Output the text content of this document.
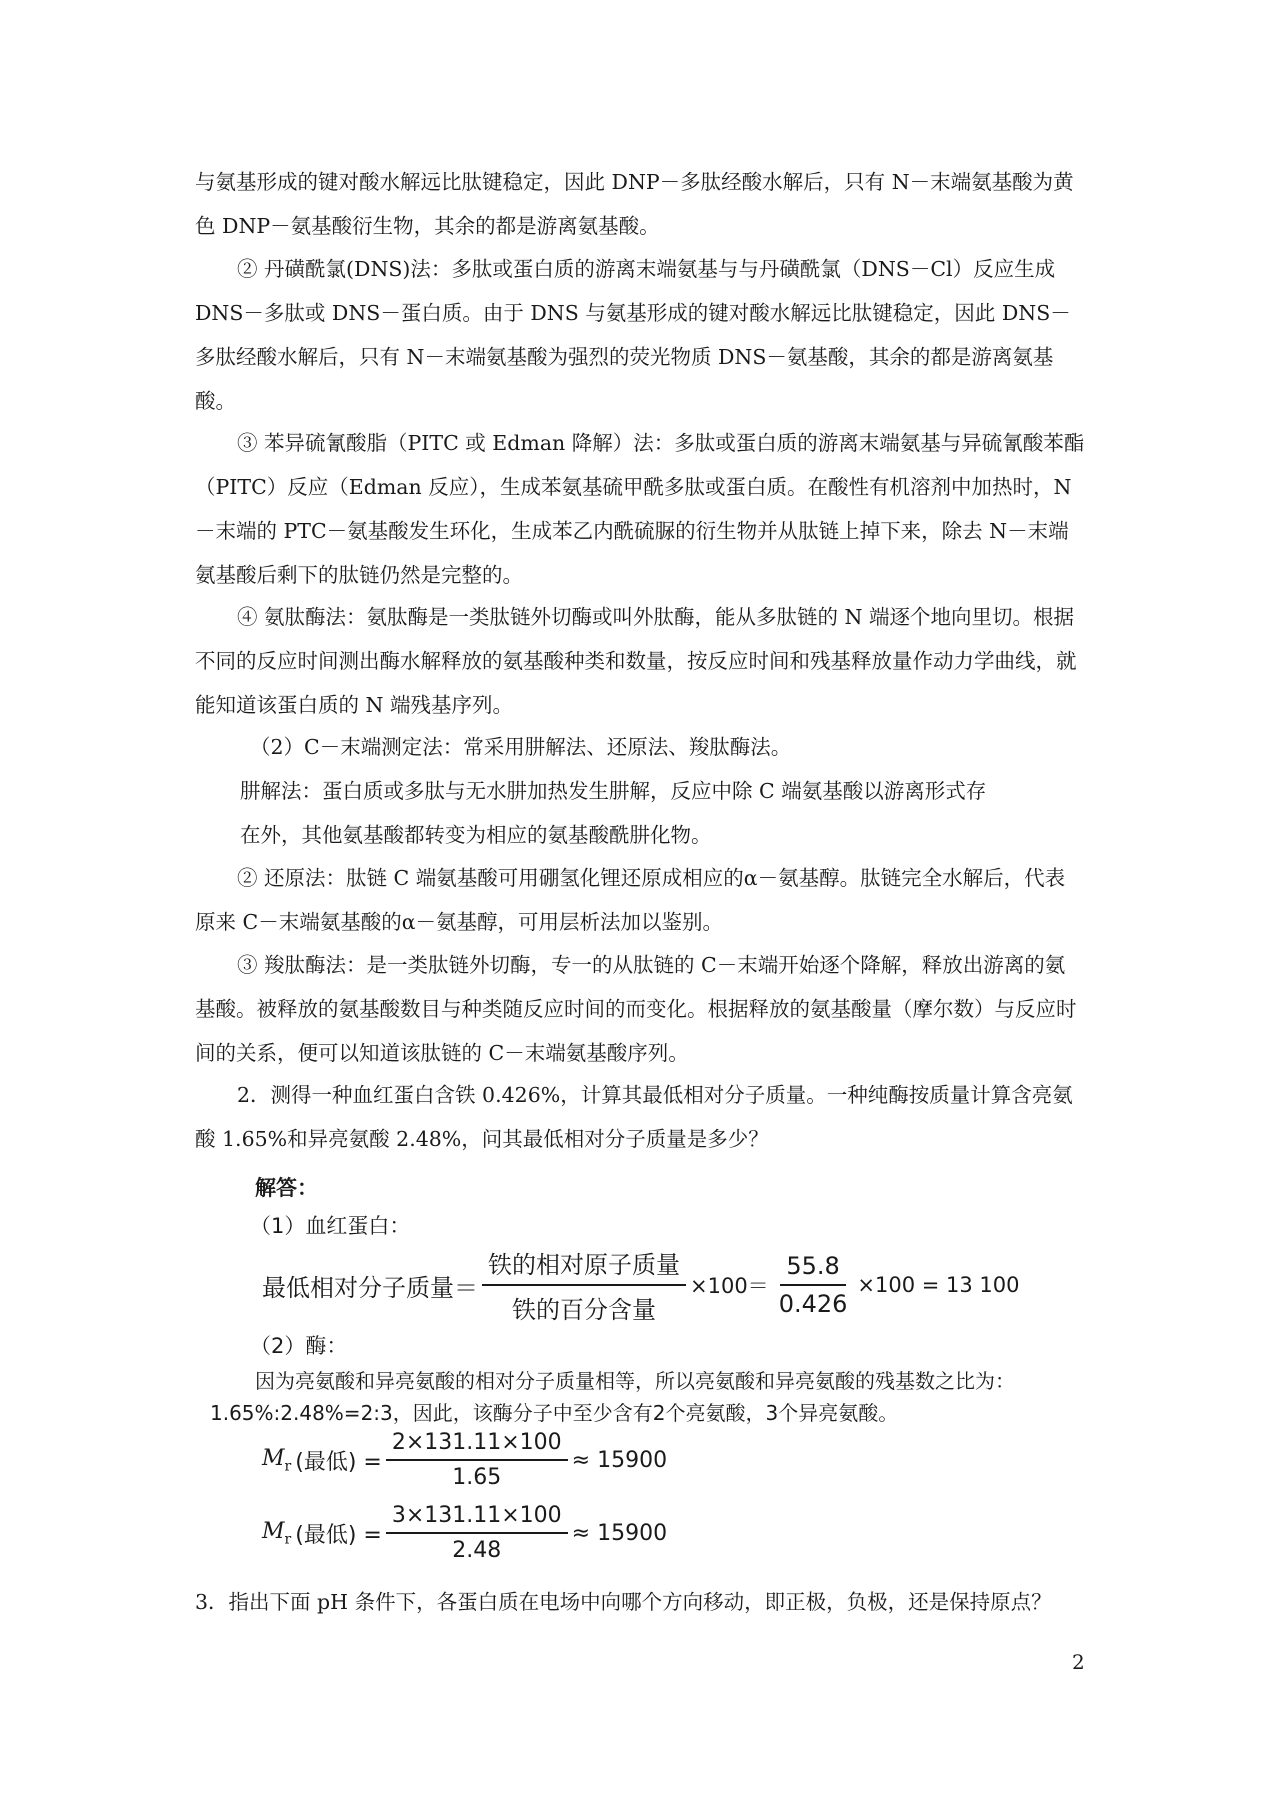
与氨基形成的键对酸水解远比肽键稳定，因此 DNP－多肽经酸水解后，只有 N－末端氨基酸为黄色 DNP－氨基酸衍生物，其余的都是游离氨基酸。

② 丹磺酰氯(DNS)法：多肽或蛋白质的游离末端氨基与与丹磺酰氯（DNS－Cl）反应生成 DNS－多肽或 DNS－蛋白质。由于 DNS 与氨基形成的键对酸水解远比肽键稳定，因此 DNS－多肽经酸水解后，只有 N－末端氨基酸为强烈的荧光物质 DNS－氨基酸，其余的都是游离氨基酸。

③ 苯异硫氰酸脂（PITC 或 Edman 降解）法：多肽或蛋白质的游离末端氨基与异硫氰酸苯酯（PITC）反应（Edman 反应），生成苯氨基硫甲酰多肽或蛋白质。在酸性有机溶剂中加热时，N－末端的 PTC－氨基酸发生环化，生成苯乙内酰硫脲的衍生物并从肽链上掉下来，除去 N－末端氨基酸后剩下的肽链仍然是完整的。

④ 氨肽酶法：氨肽酶是一类肽链外切酶或叫外肽酶，能从多肽链的 N 端逐个地向里切。根据不同的反应时间测出酶水解释放的氨基酸种类和数量，按反应时间和残基释放量作动力学曲线，就能知道该蛋白质的 N 端残基序列。

（2）C－末端测定法：常采用肼解法、还原法、羧肽酶法。

肼解法：蛋白质或多肽与无水肼加热发生肼解，反应中除 C 端氨基酸以游离形式存

在外，其他氨基酸都转变为相应的氨基酸酰肼化物。

② 还原法：肽链 C 端氨基酸可用硼氢化锂还原成相应的α－氨基醇。肽链完全水解后，代表原来 C－末端氨基酸的α－氨基醇，可用层析法加以鉴别。

③ 羧肽酶法：是一类肽链外切酶，专一的从肽链的 C－末端开始逐个降解，释放出游离的氨基酸。被释放的氨基酸数目与种类随反应时间的而变化。根据释放的氨基酸量（摩尔数）与反应时间的关系，便可以知道该肽链的 C－末端氨基酸序列。

2．测得一种血红蛋白含铁 0.426%，计算其最低相对分子质量。一种纯酶按质量计算含亮氨酸 1.65%和异亮氨酸 2.48%，问其最低相对分子质量是多少？

解答：

（1）血红蛋白：

最低相对分子质量＝ $\frac{\text{铁的相对原子质量}}{\text{铁的百分含量}} \times 100= \frac{55.8}{0.426} \times 100 = 13$ 100

（2）酶：

因为亮氨酸和异亮氨酸的相对分子质量相等，所以亮氨酸和异亮氨酸的残基数之比为：

1.65%:2.48%=2:3，因此，该酶分子中至少含有2个亮氨酸，3个异亮氨酸。

$M_r$ (最低) = $\frac{2\times 131.11\times 100}{1.65} \approx 15900$
$M_r$ (最低) = $\frac{3\times 131.11\times 100}{2.48} \approx 15900$

3．指出下面 pH 条件下，各蛋白质在电场中向哪个方向移动，即正极，负极，还是保持原点？

2
